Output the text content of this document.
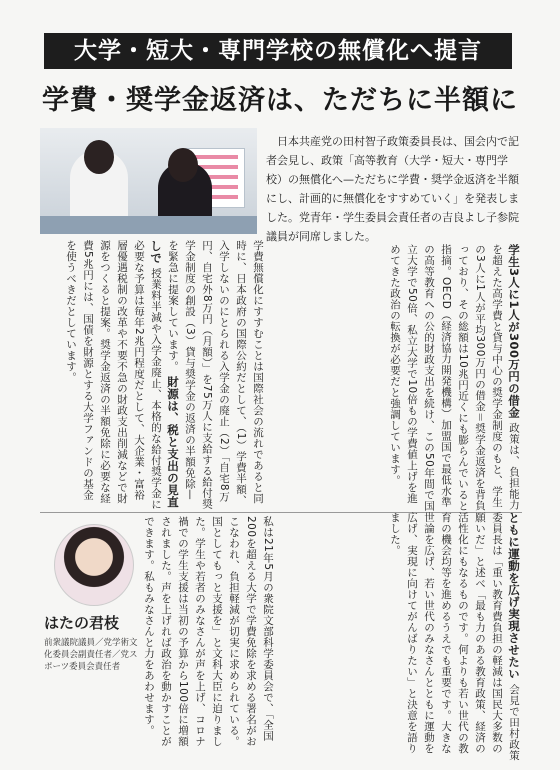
大学・短大・専門学校の無償化へ提言
学費・奨学金返済は、ただちに半額に
日本共産党の田村智子政策委員長は、国会内で記者会見し、政策「高等教育（大学・短大・専門学校）の無償化へ—ただちに学費・奨学金返済を半額にし、計画的に無償化をすすめていく」を発表しました。党青年・学生委員会責任者の吉良よし子参院議員が同席しました。
学生3人に1人が300万円の借金 政策は、負担能力を超えた高学費と貸与中心の奨学金制度のもと、学生の3人に1人が平均300万円の借金＝奨学金返済を背負っており、その総額は10兆円近くにも膨らんでいると指摘。OECD（経済協力開発機構）加盟国で最低水準の高等教育への公的財政支出を続け、この50年間で国立大学で50倍、私立大学で10倍もの学費値上げを進めてきた政治の転換が必要だと強調しています。
学費無償化にすすむことは国際社会の流れであると同時に、日本政府の国際公約だとして、（1）学費半額、入学しないのにとられる入学金の廃止（2）「自宅8万円、自宅外8万円（月額）」を75万人に支給する給付奨学金制度の創設（3）貸与奨学金の返済の半額免除—を緊急に提案しています。 財源は、税と支出の見直しで 授業料半減や入学金廃止、本格的な給付奨学金に必要な予算は毎年2兆円程度だとして、大企業・富裕層優遇税制の改革や不要不急の財政支出削減などで財源をつくると提案。奨学金返済の半額免除に必要な経費5兆円には、国債を財源とする大学ファンドの基金を使うべきだとしています。
ともに運動を広げ実現させたい 会見で田村政策委員長は「重い教育費負担の軽減は国民大多数の願いだ」と述べ「最も力のある教育政策、経済の活性化にもなるものです。何よりも若い世代の教育の機会均等を進めるうえでも重要です。大きな世論を広げ、若い世代のみなさんとともに運動を広げ、実現に向けてがんばりたい」と決意を語りました。
私は21年5月の衆院文部科学委員会で、「全国200を超える大学で学費免除を求める署名がおこなわれ、負担軽減が切実に求められている。国としてもっと支援を」と文科大臣に迫りました。学生や若者のみなさんが声を上げ、コロナ禍での学生支援は当初の予算から100倍に増額されました。声を上げれば政治を動かすことができます。私もみなさんと力をあわせます。
はたの君枝
前衆議院議員／党学術文化委員会副責任者／党スポーツ委員会責任者
